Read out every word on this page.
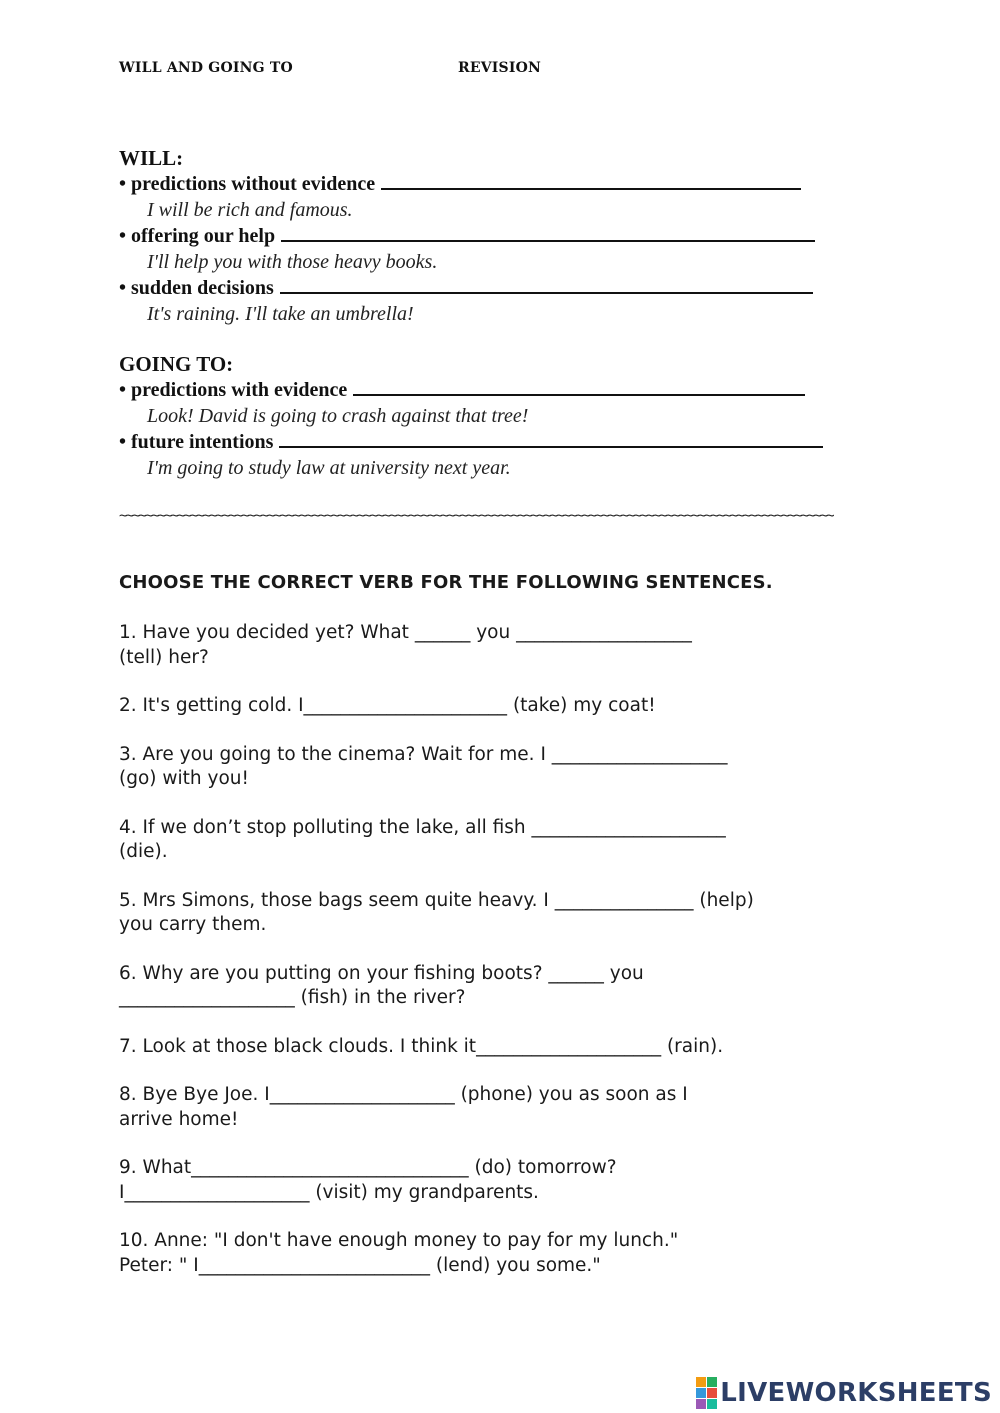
WILL AND GOING TO	REVISION
WILL:
• predictions without evidence
I will be rich and famous.
• offering our help
I'll help you with those heavy books.
• sudden decisions
It's raining. I'll take an umbrella!
GOING TO:
• predictions with evidence
Look! David is going to crash against that tree!
• future intentions
I'm going to study law at university next year.
~~~~~~~~~~~~~~~~~~~~~~~~~~~~~~~~~~~~~~~~~~~~~~~~~~~~~~~~~~~~~~~~~~~~~~~~~~~~~~~~~~~~~~~~~~~~~~~~~~~~~~~~~~~~~~~
CHOOSE THE CORRECT VERB FOR THE FOLLOWING SENTENCES.
1. Have you decided yet? What ______ you ___________________
(tell) her?
2. It's getting cold. I______________________ (take) my coat!
3. Are you going to the cinema? Wait for me. I ___________________
(go) with you!
4. If we don’t stop polluting the lake, all fish _____________________
(die).
5. Mrs Simons, those bags seem quite heavy. I _______________ (help)
you carry them.
6. Why are you putting on your fishing boots? ______ you
___________________ (fish) in the river?
7. Look at those black clouds. I think it____________________ (rain).
8. Bye Bye Joe. I____________________ (phone) you as soon as I
arrive home!
9. What______________________________ (do) tomorrow?
I____________________ (visit) my grandparents.
10. Anne: "I don't have enough money to pay for my lunch."
Peter: " I_________________________ (lend) you some."
LIVEWORKSHEETS
